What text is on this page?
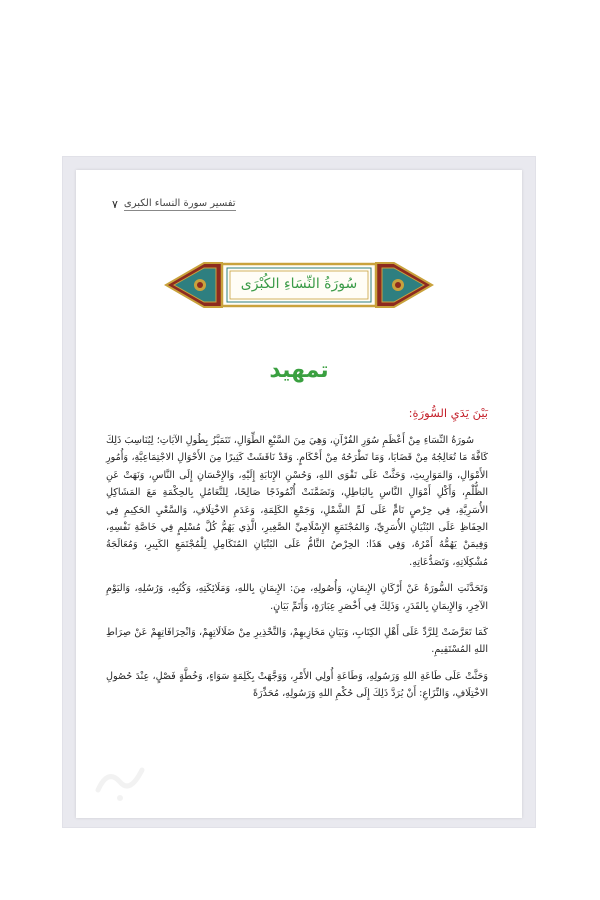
٧ تفسير سورة النساء الكبرى
سُورَةُ النِّسَاءِ الكُبْرَى
تمهيد
بَيْنَ يَدَيِ السُّورَةِ:

سُورَةُ النِّسَاءِ مِنْ أَعْظَمِ سُوَرِ القُرْآنِ، وَهِيَ مِنَ السَّبْعِ الطِّوَالِ، تَتَمَيَّزُ بِطُولِ الآيَاتِ؛ لِيُنَاسِبَ ذَلِكَ كَافَّةَ مَا تُعَالِجُهُ مِنْ قَضَايَا، وَمَا تَطْرَحُهُ مِنْ أَحْكَامٍ. وَقَدْ نَاقَشَتْ كَثِيرًا مِنَ الأَحْوَالِ الاجْتِمَاعِيَّةِ، وَأُمُورِ الأَمْوَالِ، وَالمَوَارِيثِ، وَحَثَّتْ عَلَى تَقْوَى اللهِ، وَحُسْنِ الإِنَابَةِ إِلَيْهِ، وَالإِحْسَانِ إِلَى النَّاسِ، وَنَهَتْ عَنِ الظُّلْمِ، وَأَكْلِ أَمْوَالِ النَّاسِ بِالبَاطِلِ، وَتَضَمَّنَتْ أُنْمُوذَجًا صَالِحًا، لِلتَّعَامُلِ بِالحِكْمَةِ مَعَ المَشَاكِلِ الأُسَرِيَّةِ، فِي حِرْصٍ تَامٍّ عَلَى لَمِّ الشَّمْلِ، وَجَمْعِ الكَلِمَةِ، وَعَدَمِ الاخْتِلَافِ، وَالسَّعْيِ الحَكِيمِ فِي الحِفَاظِ عَلَى البُنْيَانِ الأُسَرِيِّ، وَالمُجْتَمَعِ الإِسْلَامِيِّ الصَّغِيرِ، الَّذِي يَهُمُّ كُلَّ مُسْلِمٍ فِي خَاصَّةِ نَفْسِهِ، وَفِيمَنْ يَهُمُّهُ أَمْرُهُ، وَفِي هَذَا: الحِرْصُ التَّامُّ عَلَى البُنْيَانِ المُتَكَامِلِ لِلْمُجْتَمَعِ الكَبِيرِ، وَمُعَالَجَةُ مُشْكِلَاتِهِ، وَتَصَدُّعَاتِهِ.

وَتَحَدَّثَتِ السُّورَةُ عَنْ أَرْكَانِ الإِيمَانِ، وَأُصُولِهِ، مِنَ: الإِيمَانِ بِاللهِ، وَمَلَائِكَتِهِ، وَكُتُبِهِ، وَرُسُلِهِ، وَاليَوْمِ الآخِرِ، وَالإِيمَانِ بِالقَدَرِ، وَذَلِكَ فِي أَخْصَرِ عِبَارَةٍ، وَأَتَمِّ بَيَانٍ.

كَمَا تَعَرَّضَتْ لِلرَّدِّ عَلَى أَهْلِ الكِتَابِ، وَبَيَانِ مَخَازِيهِمْ، وَالتَّحْذِيرِ مِنْ ضَلَالَاتِهِمْ، وَانْحِرَافَاتِهِمْ عَنْ صِرَاطِ اللهِ المُسْتَقِيمِ.

وَحَثَّتْ عَلَى طَاعَةِ اللهِ وَرَسُولِهِ، وَطَاعَةِ أُولِي الأَمْرِ، وَوَجَّهَتْ بِكَلِمَةٍ سَوَاءٍ، وَخُطَّةٍ فَصْلٍ، عِنْدَ حُصُولِ الاخْتِلَافِ، وَالنِّزَاعِ: أَنْ يُرَدَّ ذَلِكَ إِلَى حُكْمِ اللهِ وَرَسُولِهِ، مُحَذِّرَةً
